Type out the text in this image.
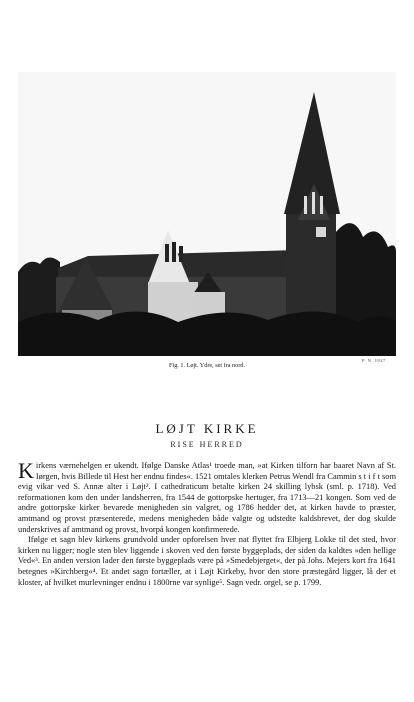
P. N. 1927
Fig. 1. Løjt. Ydre, set fra nord.
LØJT KIRKE
RISE HERRED

Kirkens værnehelgen er ukendt. Ifølge Danske Atlas¹ troede man, »at Kirken tilforn har baaret Navn af St. Iørgen, hvis Billede til Hest her endnu findes«. 1521 omtales klerken Petrus Wendl fra Cammin s t i f t som evig vikar ved S. Annæ alter i Løjt². I cathedraticum betalte kirken 24 skilling lybsk (sml. p. 1718). Ved reformationen kom den under landsherren, fra 1544 de gottorpske hertuger, fra 1713—21 kongen. Som ved de andre gottorpske kirker bevarede menigheden sin valgret, og 1786 hedder det, at kirken havde to præster, amtmand og provst præsenterede, medens menigheden både valgte og udstedte kaldsbrevet, der dog skulde underskrives af amtmand og provst, hvorpå kongen konfirmerede.

Ifølge et sagn blev kirkens grundvold under opforelsen hver nat flyttet fra Elbjerg Lokke til det sted, hvor kirken nu ligger; nogle sten blev liggende i skoven ved den første byggeplads, der siden da kaldtes »den hellige Ved«³. En anden version lader den første byggeplads være på »Smedebjerget«, der på Johs. Mejers kort fra 1641 betegnes »Kirchberg«⁴. Et andet sagn fortæller, at i Løjt Kirkeby, hvor den store præstegård ligger, lå der et kloster, af hvilket murlevninger endnu i 1800rne var synlige⁵. Sagn vedr. orgel, se p. 1799.
